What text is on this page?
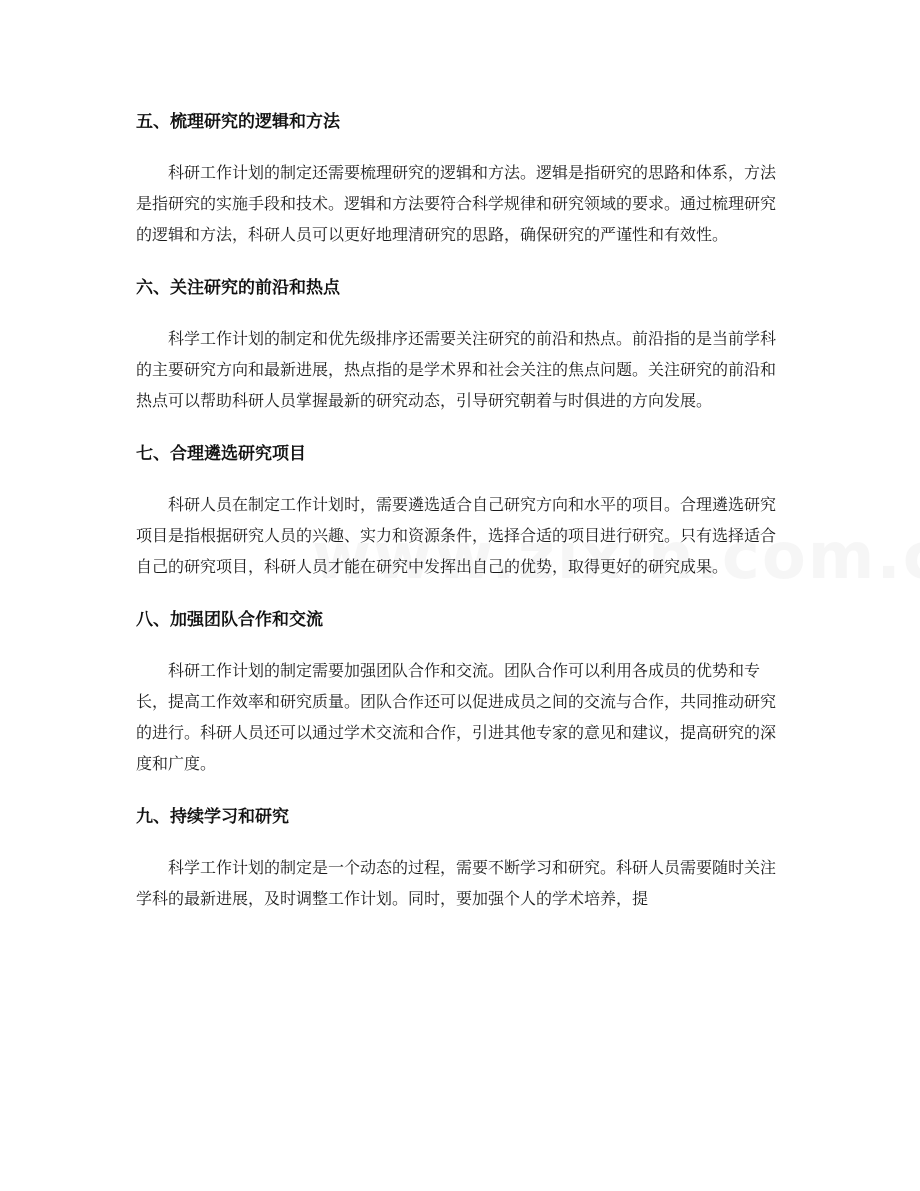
五、梳理研究的逻辑和方法

科研工作计划的制定还需要梳理研究的逻辑和方法。逻辑是指研究的思路和体系，方法是指研究的实施手段和技术。逻辑和方法要符合科学规律和研究领域的要求。通过梳理研究的逻辑和方法，科研人员可以更好地理清研究的思路，确保研究的严谨性和有效性。

六、关注研究的前沿和热点

科学工作计划的制定和优先级排序还需要关注研究的前沿和热点。前沿指的是当前学科的主要研究方向和最新进展，热点指的是学术界和社会关注的焦点问题。关注研究的前沿和热点可以帮助科研人员掌握最新的研究动态，引导研究朝着与时俱进的方向发展。

七、合理遴选研究项目

科研人员在制定工作计划时，需要遴选适合自己研究方向和水平的项目。合理遴选研究项目是指根据研究人员的兴趣、实力和资源条件，选择合适的项目进行研究。只有选择适合自己的研究项目，科研人员才能在研究中发挥出自己的优势，取得更好的研究成果。

八、加强团队合作和交流

科研工作计划的制定需要加强团队合作和交流。团队合作可以利用各成员的优势和专长，提高工作效率和研究质量。团队合作还可以促进成员之间的交流与合作，共同推动研究的进行。科研人员还可以通过学术交流和合作，引进其他专家的意见和建议，提高研究的深度和广度。

九、持续学习和研究

科学工作计划的制定是一个动态的过程，需要不断学习和研究。科研人员需要随时关注学科的最新进展，及时调整工作计划。同时，要加强个人的学术培养，提
